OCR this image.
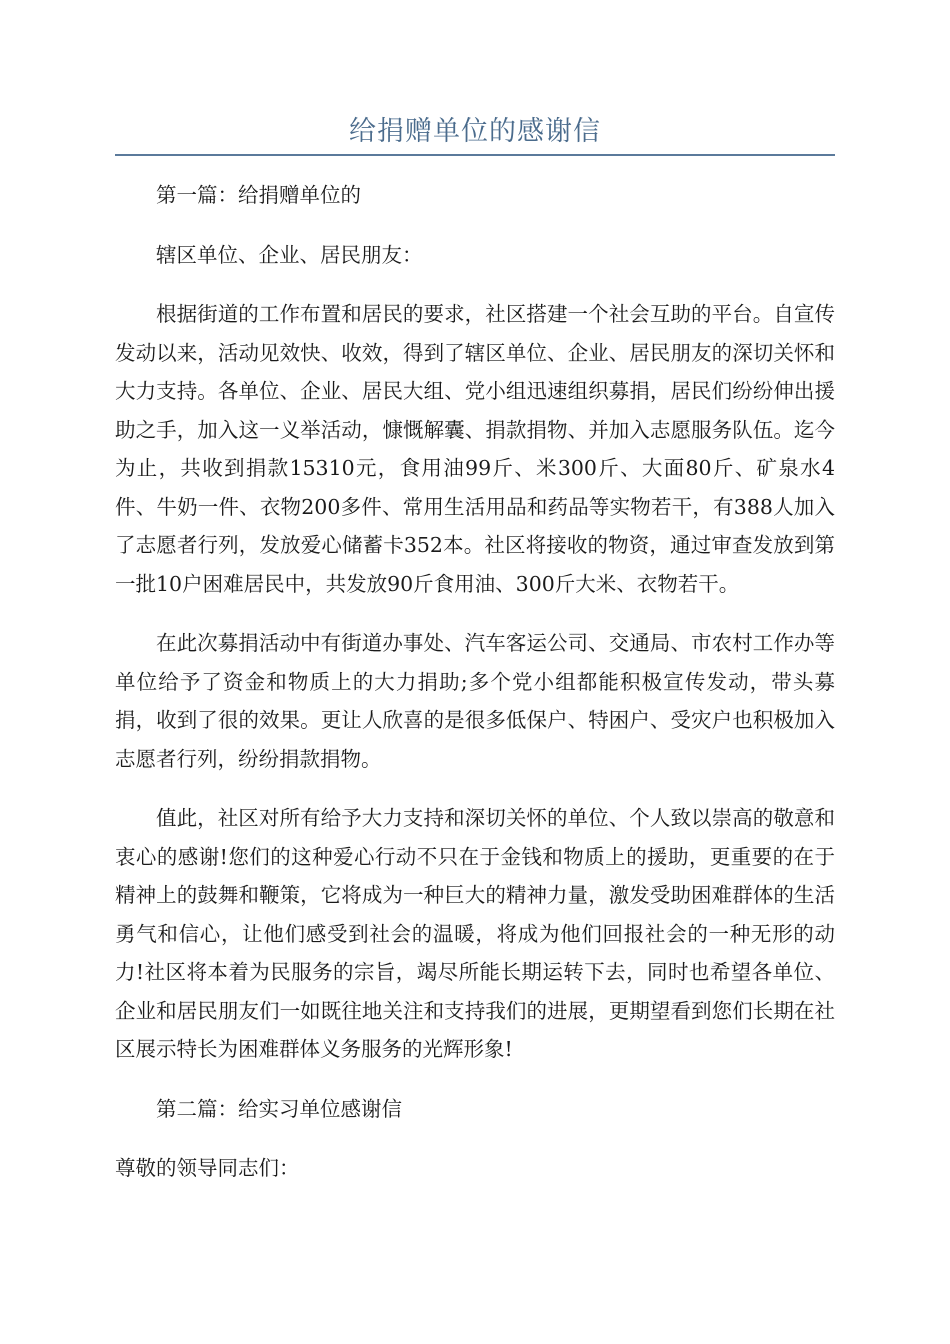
给捐赠单位的感谢信

第一篇：给捐赠单位的

辖区单位、企业、居民朋友：

根据街道的工作布置和居民的要求，社区搭建一个社会互助的平台。自宣传发动以来，活动见效快、收效，得到了辖区单位、企业、居民朋友的深切关怀和大力支持。各单位、企业、居民大组、党小组迅速组织募捐，居民们纷纷伸出援助之手，加入这一义举活动，慷慨解囊、捐款捐物、并加入志愿服务队伍。迄今为止，共收到捐款15310元，食用油99斤、米300斤、大面80斤、矿泉水4件、牛奶一件、衣物200多件、常用生活用品和药品等实物若干，有388人加入了志愿者行列，发放爱心储蓄卡352本。社区将接收的物资，通过审查发放到第一批10户困难居民中，共发放90斤食用油、300斤大米、衣物若干。

在此次募捐活动中有街道办事处、汽车客运公司、交通局、市农村工作办等单位给予了资金和物质上的大力捐助;多个党小组都能积极宣传发动，带头募捐，收到了很的效果。更让人欣喜的是很多低保户、特困户、受灾户也积极加入志愿者行列，纷纷捐款捐物。

值此，社区对所有给予大力支持和深切关怀的单位、个人致以崇高的敬意和衷心的感谢!您们的这种爱心行动不只在于金钱和物质上的援助，更重要的在于精神上的鼓舞和鞭策，它将成为一种巨大的精神力量，激发受助困难群体的生活勇气和信心，让他们感受到社会的温暖，将成为他们回报社会的一种无形的动力!社区将本着为民服务的宗旨，竭尽所能长期运转下去，同时也希望各单位、企业和居民朋友们一如既往地关注和支持我们的进展，更期望看到您们长期在社区展示特长为困难群体义务服务的光辉形象!

第二篇：给实习单位感谢信

尊敬的领导同志们：
